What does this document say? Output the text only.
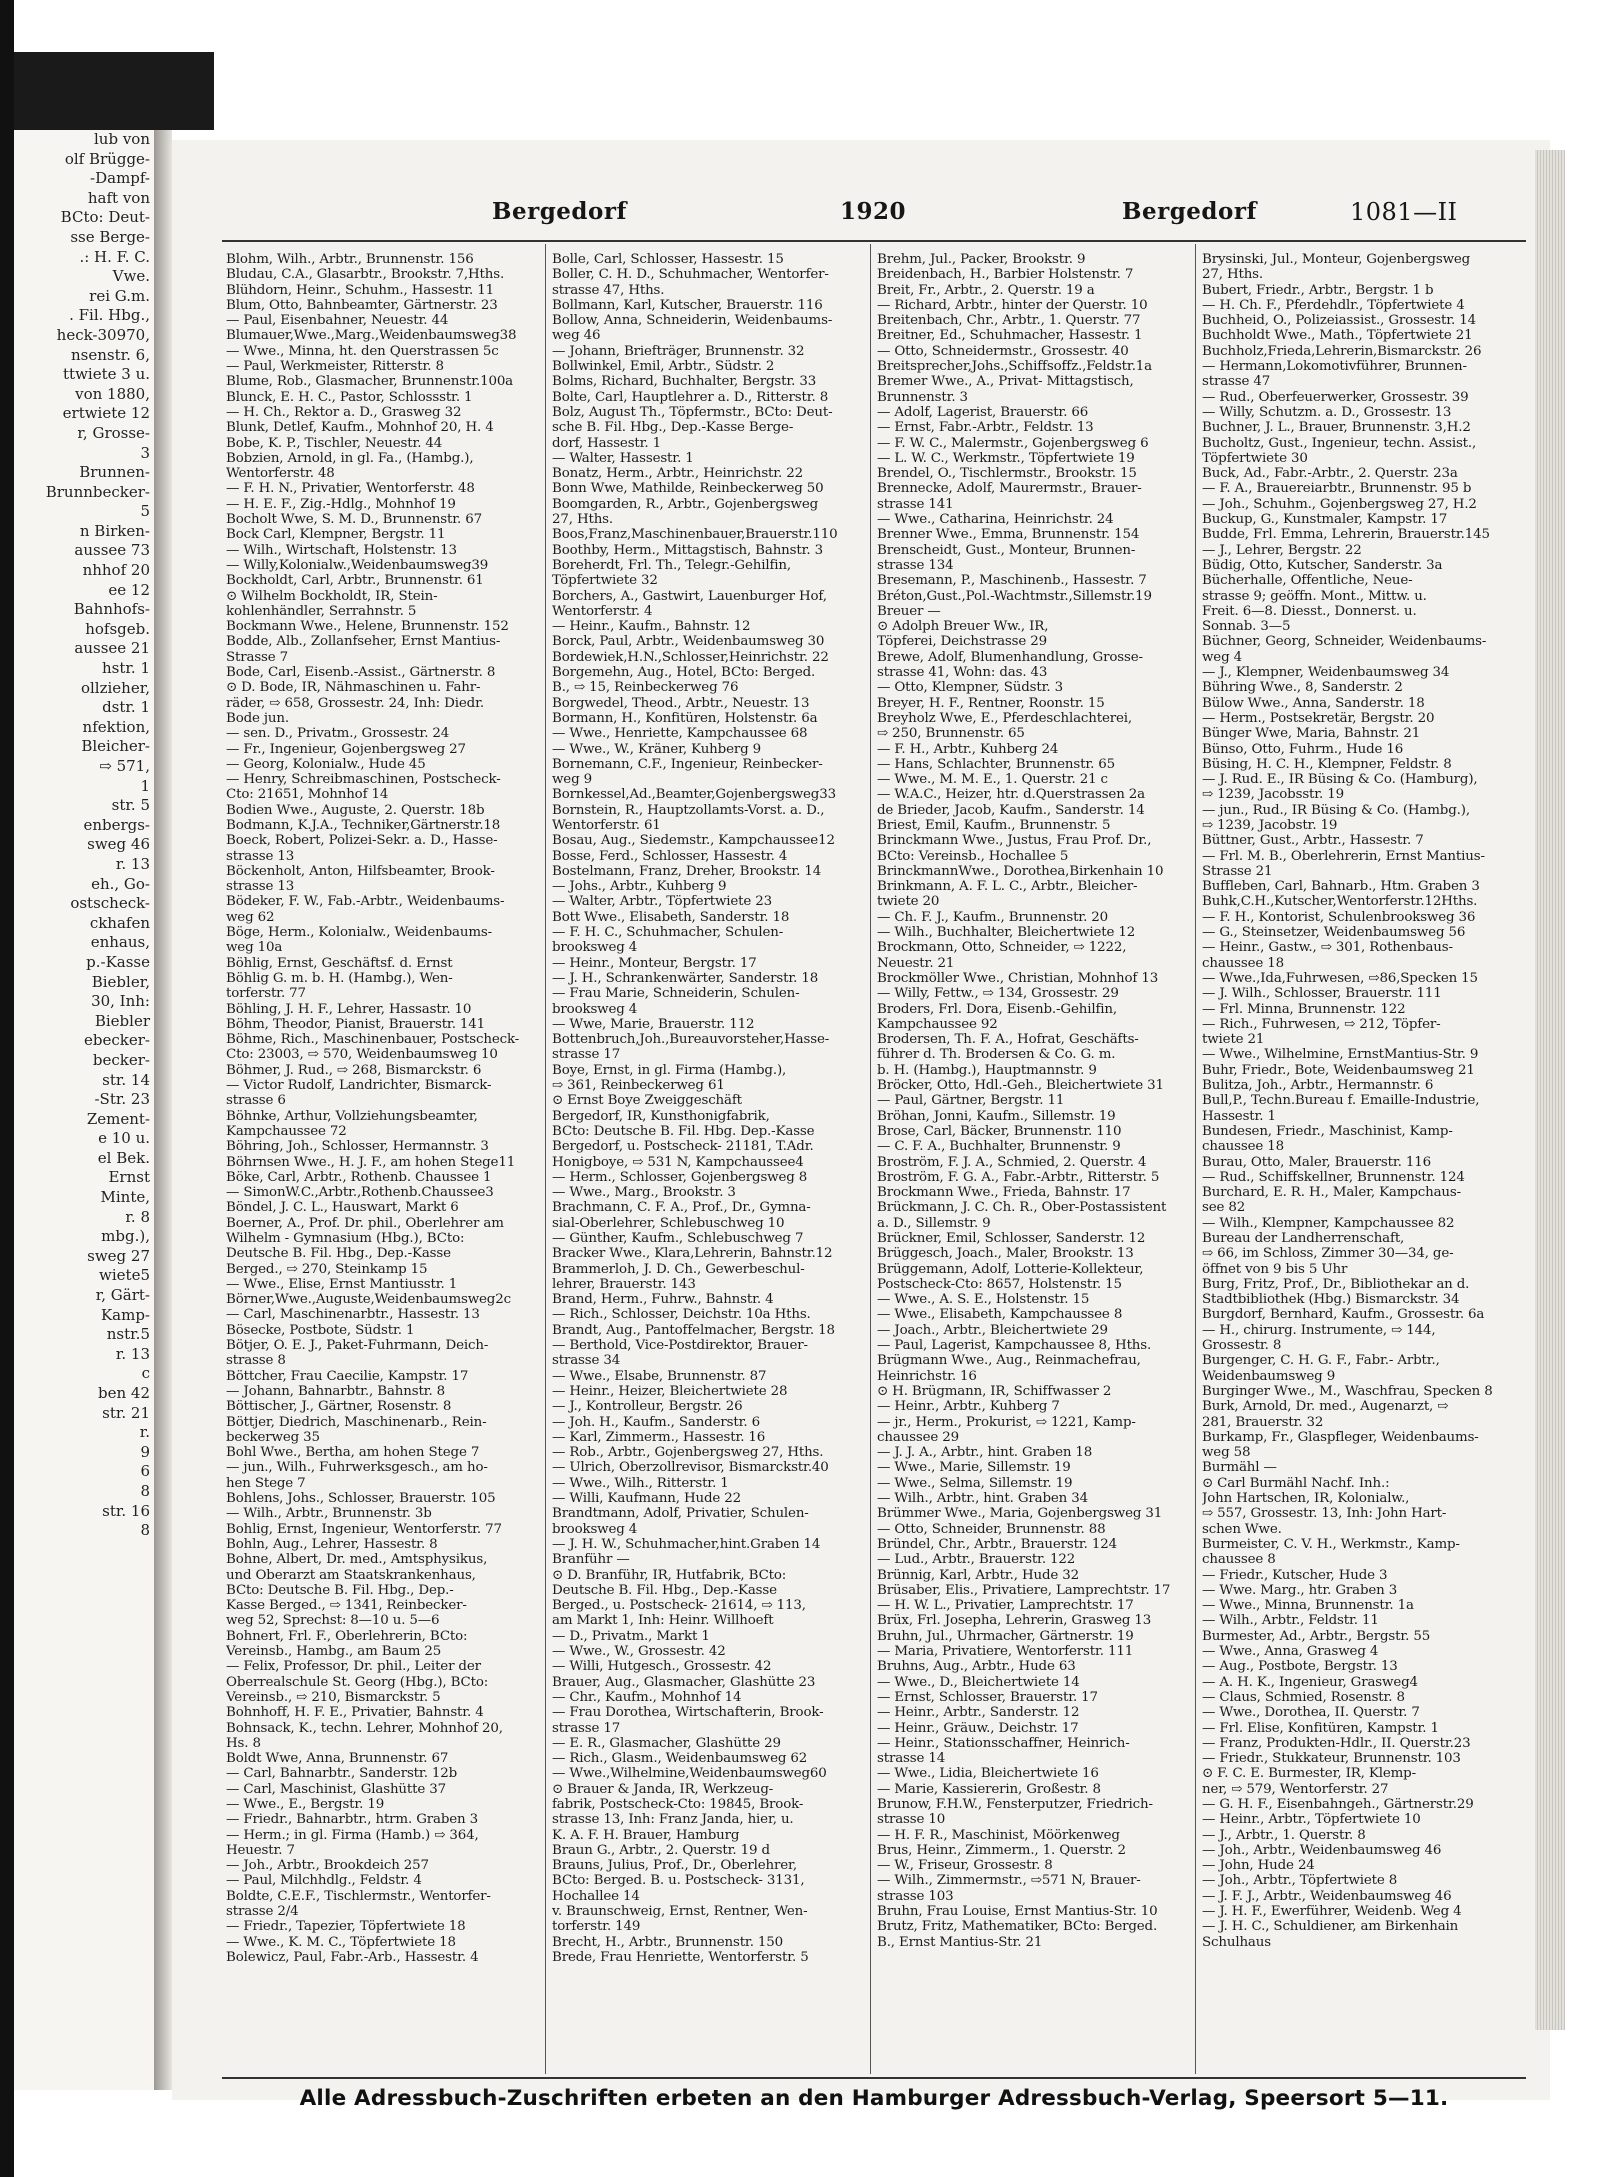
lub von
olf Brügge-
-Dampf-
haft von
BCto: Deut-
sse Berge-
.: H. F. C.
Vwe.
rei G.m.
. Fil. Hbg.,
heck-30970,
nsenstr. 6,
ttwiete 3 u.
von 1880,
ertwiete 12
r, Grosse-
3
Brunnen-
Brunnbecker-
5
n Birken-
aussee 73
nhhof 20
ee 12
Bahnhofs-
hofsgeb.
aussee 21
hstr. 1
ollzieher,
dstr. 1
nfektion,
Bleicher-
⇨ 571,
1
str. 5
enbergs-
sweg 46
r. 13
eh., Go-
ostscheck-
ckhafen
enhaus,
p.-Kasse
Biebler,
30, Inh:
Biebler
ebecker-
becker-
str. 14
-Str. 23
Zement-
e 10 u.
el Bek.
Ernst
Minte,
r. 8
mbg.),
sweg 27
wiete5
r, Gärt-
Kamp-
nstr.5
r. 13
c
ben 42
str. 21
r.
9
6
8
str. 16
8
Bergedorf	1920	Bergedorf	1081—II
Blohm, Wilh., Arbtr., Brunnenstr. 156
Bludau, C.A., Glasarbtr., Brookstr. 7,Hths.
Blühdorn, Heinr., Schuhm., Hassestr. 11
Blum, Otto, Bahnbeamter, Gärtnerstr. 23
— Paul, Eisenbahner, Neuestr. 44
Blumauer,Wwe.,Marg.,Weidenbaumsweg38
— Wwe., Minna, ht. den Querstrassen 5c
— Paul, Werkmeister, Ritterstr. 8
Blume, Rob., Glasmacher, Brunnenstr.100a
Blunck, E. H. C., Pastor, Schlossstr. 1
— H. Ch., Rektor a. D., Grasweg 32
Blunk, Detlef, Kaufm., Mohnhof 20, H. 4
Bobe, K. P., Tischler, Neuestr. 44
Bobzien, Arnold, in gl. Fa., (Hambg.),
Wentorferstr. 48
— F. H. N., Privatier, Wentorferstr. 48
— H. E. F., Zig.-Hdlg., Mohnhof 19
Bocholt Wwe, S. M. D., Brunnenstr. 67
Bock Carl, Klempner, Bergstr. 11
— Wilh., Wirtschaft, Holstenstr. 13
— Willy,Kolonialw.,Weidenbaumsweg39
Bockholdt, Carl, Arbtr., Brunnenstr. 61
⊙ Wilhelm Bockholdt, IR, Stein-
kohlenhändler, Serrahnstr. 5
Bockmann Wwe., Helene, Brunnenstr. 152
Bodde, Alb., Zollanfseher, Ernst Mantius-
Strasse 7
Bode, Carl, Eisenb.-Assist., Gärtnerstr. 8
⊙ D. Bode, IR, Nähmaschinen u. Fahr-
räder, ⇨ 658, Grossestr. 24, Inh: Diedr.
Bode jun.
— sen. D., Privatm., Grossestr. 24
— Fr., Ingenieur, Gojenbergsweg 27
— Georg, Kolonialw., Hude 45
— Henry, Schreibmaschinen, Postscheck-
Cto: 21651, Mohnhof 14
Bodien Wwe., Auguste, 2. Querstr. 18b
Bodmann, K.J.A., Techniker,Gärtnerstr.18
Boeck, Robert, Polizei-Sekr. a. D., Hasse-
strasse 13
Böckenholt, Anton, Hilfsbeamter, Brook-
strasse 13
Bödeker, F. W., Fab.-Arbtr., Weidenbaums-
weg 62
Böge, Herm., Kolonialw., Weidenbaums-
weg 10a
Böhlig, Ernst, Geschäftsf. d. Ernst
Böhlig G. m. b. H. (Hambg.), Wen-
torferstr. 77
Böhling, J. H. F., Lehrer, Hassastr. 10
Böhm, Theodor, Pianist, Brauerstr. 141
Böhme, Rich., Maschinenbauer, Postscheck-
Cto: 23003, ⇨ 570, Weidenbaumsweg 10
Böhmer, J. Rud., ⇨ 268, Bismarckstr. 6
— Victor Rudolf, Landrichter, Bismarck-
strasse 6
Böhnke, Arthur, Vollziehungsbeamter,
Kampchaussee 72
Böhring, Joh., Schlosser, Hermannstr. 3
Böhrnsen Wwe., H. J. F., am hohen Stege11
Böke, Carl, Arbtr., Rothenb. Chaussee 1
— SimonW.C.,Arbtr.,Rothenb.Chaussee3
Böndel, J. C. L., Hauswart, Markt 6
Boerner, A., Prof. Dr. phil., Oberlehrer am
Wilhelm - Gymnasium (Hbg.), BCto:
Deutsche B. Fil. Hbg., Dep.-Kasse
Berged., ⇨ 270, Steinkamp 15
— Wwe., Elise, Ernst Mantiusstr. 1
Börner,Wwe.,Auguste,Weidenbaumsweg2c
— Carl, Maschinenarbtr., Hassestr. 13
Bösecke, Postbote, Südstr. 1
Bötjer, O. E. J., Paket-Fuhrmann, Deich-
strasse 8
Böttcher, Frau Caecilie, Kampstr. 17
— Johann, Bahnarbtr., Bahnstr. 8
Böttischer, J., Gärtner, Rosenstr. 8
Böttjer, Diedrich, Maschinenarb., Rein-
beckerweg 35
Bohl Wwe., Bertha, am hohen Stege 7
— jun., Wilh., Fuhrwerksgesch., am ho-
hen Stege 7
Bohlens, Johs., Schlosser, Brauerstr. 105
— Wilh., Arbtr., Brunnenstr. 3b
Bohlig, Ernst, Ingenieur, Wentorferstr. 77
Bohln, Aug., Lehrer, Hassestr. 8
Bohne, Albert, Dr. med., Amtsphysikus,
und Oberarzt am Staatskrankenhaus,
BCto: Deutsche B. Fil. Hbg., Dep.-
Kasse Berged., ⇨ 1341, Reinbecker-
weg 52, Sprechst: 8—10 u. 5—6
Bohnert, Frl. F., Oberlehrerin, BCto:
Vereinsb., Hambg., am Baum 25
— Felix, Professor, Dr. phil., Leiter der
Oberrealschule St. Georg (Hbg.), BCto:
Vereinsb., ⇨ 210, Bismarckstr. 5
Bohnhoff, H. F. E., Privatier, Bahnstr. 4
Bohnsack, K., techn. Lehrer, Mohnhof 20,
Hs. 8
Boldt Wwe, Anna, Brunnenstr. 67
— Carl, Bahnarbtr., Sanderstr. 12b
— Carl, Maschinist, Glashütte 37
— Wwe., E., Bergstr. 19
— Friedr., Bahnarbtr., htrm. Graben 3
— Herm.; in gl. Firma (Hamb.) ⇨ 364,
Heuestr. 7
— Joh., Arbtr., Brookdeich 257
— Paul, Milchhdlg., Feldstr. 4
Boldte, C.E.F., Tischlermstr., Wentorfer-
strasse 2/4
— Friedr., Tapezier, Töpfertwiete 18
— Wwe., K. M. C., Töpfertwiete 18
Bolewicz, Paul, Fabr.-Arb., Hassestr. 4
Bolle, Carl, Schlosser, Hassestr. 15
Boller, C. H. D., Schuhmacher, Wentorfer-
strasse 47, Hths.
Bollmann, Karl, Kutscher, Brauerstr. 116
Bollow, Anna, Schneiderin, Weidenbaums-
weg 46
— Johann, Briefträger, Brunnenstr. 32
Bollwinkel, Emil, Arbtr., Südstr. 2
Bolms, Richard, Buchhalter, Bergstr. 33
Bolte, Carl, Hauptlehrer a. D., Ritterstr. 8
Bolz, August Th., Töpfermstr., BCto: Deut-
sche B. Fil. Hbg., Dep.-Kasse Berge-
dorf, Hassestr. 1
— Walter, Hassestr. 1
Bonatz, Herm., Arbtr., Heinrichstr. 22
Bonn Wwe, Mathilde, Reinbeckerweg 50
Boomgarden, R., Arbtr., Gojenbergsweg
27, Hths.
Boos,Franz,Maschinenbauer,Brauerstr.110
Boothby, Herm., Mittagstisch, Bahnstr. 3
Boreherdt, Frl. Th., Telegr.-Gehilfin,
Töpfertwiete 32
Borchers, A., Gastwirt, Lauenburger Hof,
Wentorferstr. 4
— Heinr., Kaufm., Bahnstr. 12
Borck, Paul, Arbtr., Weidenbaumsweg 30
Bordewiek,H.N.,Schlosser,Heinrichstr. 22
Borgemehn, Aug., Hotel, BCto: Berged.
B., ⇨ 15, Reinbeckerweg 76
Borgwedel, Theod., Arbtr., Neuestr. 13
Bormann, H., Konfitüren, Holstenstr. 6a
— Wwe., Henriette, Kampchaussee 68
— Wwe., W., Kräner, Kuhberg 9
Bornemann, C.F., Ingenieur, Reinbecker-
weg 9
Bornkessel,Ad.,Beamter,Gojenbergsweg33
Bornstein, R., Hauptzollamts-Vorst. a. D.,
Wentorferstr. 61
Bosau, Aug., Siedemstr., Kampchaussee12
Bosse, Ferd., Schlosser, Hassestr. 4
Bostelmann, Franz, Dreher, Brookstr. 14
— Johs., Arbtr., Kuhberg 9
— Walter, Arbtr., Töpfertwiete 23
Bott Wwe., Elisabeth, Sanderstr. 18
— F. H. C., Schuhmacher, Schulen-
brooksweg 4
— Heinr., Monteur, Bergstr. 17
— J. H., Schrankenwärter, Sanderstr. 18
— Frau Marie, Schneiderin, Schulen-
brooksweg 4
— Wwe, Marie, Brauerstr. 112
Bottenbruch,Joh.,Bureauvorsteher,Hasse-
strasse 17
Boye, Ernst, in gl. Firma (Hambg.),
⇨ 361, Reinbeckerweg 61
⊙ Ernst Boye Zweiggeschäft
Bergedorf, IR, Kunsthonigfabrik,
BCto: Deutsche B. Fil. Hbg. Dep.-Kasse
Bergedorf, u. Postscheck- 21181, T.Adr.
Honigboye, ⇨ 531 N, Kampchaussee4
— Herm., Schlosser, Gojenbergsweg 8
— Wwe., Marg., Brookstr. 3
Brachmann, C. F. A., Prof., Dr., Gymna-
sial-Oberlehrer, Schlebuschweg 10
— Günther, Kaufm., Schlebuschweg 7
Bracker Wwe., Klara,Lehrerin, Bahnstr.12
Brammerloh, J. D. Ch., Gewerbeschul-
lehrer, Brauerstr. 143
Brand, Herm., Fuhrw., Bahnstr. 4
— Rich., Schlosser, Deichstr. 10a Hths.
Brandt, Aug., Pantoffelmacher, Bergstr. 18
— Berthold, Vice-Postdirektor, Brauer-
strasse 34
— Wwe., Elsabe, Brunnenstr. 87
— Heinr., Heizer, Bleichertwiete 28
— J., Kontrolleur, Bergstr. 26
— Joh. H., Kaufm., Sanderstr. 6
— Karl, Zimmerm., Hassestr. 16
— Rob., Arbtr., Gojenbergsweg 27, Hths.
— Ulrich, Oberzollrevisor, Bismarckstr.40
— Wwe., Wilh., Ritterstr. 1
— Willi, Kaufmann, Hude 22
Brandtmann, Adolf, Privatier, Schulen-
brooksweg 4
— J. H. W., Schuhmacher,hint.Graben 14
Branführ —
⊙ D. Branführ, IR, Hutfabrik, BCto:
Deutsche B. Fil. Hbg., Dep.-Kasse
Berged., u. Postscheck- 21614, ⇨ 113,
am Markt 1, Inh: Heinr. Willhoeft
— D., Privatm., Markt 1
— Wwe., W., Grossestr. 42
— Willi, Hutgesch., Grossestr. 42
Brauer, Aug., Glasmacher, Glashütte 23
— Chr., Kaufm., Mohnhof 14
— Frau Dorothea, Wirtschafterin, Brook-
strasse 17
— E. R., Glasmacher, Glashütte 29
— Rich., Glasm., Weidenbaumsweg 62
— Wwe.,Wilhelmine,Weidenbaumsweg60
⊙ Brauer & Janda, IR, Werkzeug-
fabrik, Postscheck-Cto: 19845, Brook-
strasse 13, Inh: Franz Janda, hier, u.
K. A. F. H. Brauer, Hamburg
Braun G., Arbtr., 2. Querstr. 19 d
Brauns, Julius, Prof., Dr., Oberlehrer,
BCto: Berged. B. u. Postscheck- 3131,
Hochallee 14
v. Braunschweig, Ernst, Rentner, Wen-
torferstr. 149
Brecht, H., Arbtr., Brunnenstr. 150
Brede, Frau Henriette, Wentorferstr. 5
Brehm, Jul., Packer, Brookstr. 9
Breidenbach, H., Barbier Holstenstr. 7
Breit, Fr., Arbtr., 2. Querstr. 19 a
— Richard, Arbtr., hinter der Querstr. 10
Breitenbach, Chr., Arbtr., 1. Querstr. 77
Breitner, Ed., Schuhmacher, Hassestr. 1
— Otto, Schneidermstr., Grossestr. 40
Breitsprecher,Johs.,Schiffsoffz.,Feldstr.1a
Bremer Wwe., A., Privat- Mittagstisch,
Brunnenstr. 3
— Adolf, Lagerist, Brauerstr. 66
— Ernst, Fabr.-Arbtr., Feldstr. 13
— F. W. C., Malermstr., Gojenbergsweg 6
— L. W. C., Werkmstr., Töpfertwiete 19
Brendel, O., Tischlermstr., Brookstr. 15
Brennecke, Adolf, Maurermstr., Brauer-
strasse 141
— Wwe., Catharina, Heinrichstr. 24
Brenner Wwe., Emma, Brunnenstr. 154
Brenscheidt, Gust., Monteur, Brunnen-
strasse 134
Bresemann, P., Maschinenb., Hassestr. 7
Bréton,Gust.,Pol.-Wachtmstr.,Sillemstr.19
Breuer —
⊙ Adolph Breuer Ww., IR,
Töpferei, Deichstrasse 29
Brewe, Adolf, Blumenhandlung, Grosse-
strasse 41, Wohn: das. 43
— Otto, Klempner, Südstr. 3
Breyer, H. F., Rentner, Roonstr. 15
Breyholz Wwe, E., Pferdeschlachterei,
⇨ 250, Brunnenstr. 65
— F. H., Arbtr., Kuhberg 24
— Hans, Schlachter, Brunnenstr. 65
— Wwe., M. M. E., 1. Querstr. 21 c
— W.A.C., Heizer, htr. d.Querstrassen 2a
de Brieder, Jacob, Kaufm., Sanderstr. 14
Briest, Emil, Kaufm., Brunnenstr. 5
Brinckmann Wwe., Justus, Frau Prof. Dr.,
BCto: Vereinsb., Hochallee 5
BrinckmannWwe., Dorothea,Birkenhain 10
Brinkmann, A. F. L. C., Arbtr., Bleicher-
twiete 20
— Ch. F. J., Kaufm., Brunnenstr. 20
— Wilh., Buchhalter, Bleichertwiete 12
Brockmann, Otto, Schneider, ⇨ 1222,
Neuestr. 21
Brockmöller Wwe., Christian, Mohnhof 13
— Willy, Fettw., ⇨ 134, Grossestr. 29
Broders, Frl. Dora, Eisenb.-Gehilfin,
Kampchaussee 92
Brodersen, Th. F. A., Hofrat, Geschäfts-
führer d. Th. Brodersen & Co. G. m.
b. H. (Hambg.), Hauptmannstr. 9
Bröcker, Otto, Hdl.-Geh., Bleichertwiete 31
— Paul, Gärtner, Bergstr. 11
Bröhan, Jonni, Kaufm., Sillemstr. 19
Brose, Carl, Bäcker, Brunnenstr. 110
— C. F. A., Buchhalter, Brunnenstr. 9
Broström, F. J. A., Schmied, 2. Querstr. 4
Broström, F. G. A., Fabr.-Arbtr., Ritterstr. 5
Brockmann Wwe., Frieda, Bahnstr. 17
Brückmann, J. C. Ch. R., Ober-Postassistent
a. D., Sillemstr. 9
Brückner, Emil, Schlosser, Sanderstr. 12
Brüggesch, Joach., Maler, Brookstr. 13
Brüggemann, Adolf, Lotterie-Kollekteur,
Postscheck-Cto: 8657, Holstenstr. 15
— Wwe., A. S. E., Holstenstr. 15
— Wwe., Elisabeth, Kampchaussee 8
— Joach., Arbtr., Bleichertwiete 29
— Paul, Lagerist, Kampchaussee 8, Hths.
Brügmann Wwe., Aug., Reinmachefrau,
Heinrichstr. 16
⊙ H. Brügmann, IR, Schiffwasser 2
— Heinr., Arbtr., Kuhberg 7
— jr., Herm., Prokurist, ⇨ 1221, Kamp-
chaussee 29
— J. J. A., Arbtr., hint. Graben 18
— Wwe., Marie, Sillemstr. 19
— Wwe., Selma, Sillemstr. 19
— Wilh., Arbtr., hint. Graben 34
Brümmer Wwe., Maria, Gojenbergsweg 31
— Otto, Schneider, Brunnenstr. 88
Bründel, Chr., Arbtr., Brauerstr. 124
— Lud., Arbtr., Brauerstr. 122
Brünnig, Karl, Arbtr., Hude 32
Brüsaber, Elis., Privatiere, Lamprechtstr. 17
— H. W. L., Privatier, Lamprechtstr. 17
Brüx, Frl. Josepha, Lehrerin, Grasweg 13
Bruhn, Jul., Uhrmacher, Gärtnerstr. 19
— Maria, Privatiere, Wentorferstr. 111
Bruhns, Aug., Arbtr., Hude 63
— Wwe., D., Bleichertwiete 14
— Ernst, Schlosser, Brauerstr. 17
— Heinr., Arbtr., Sanderstr. 12
— Heinr., Gräuw., Deichstr. 17
— Heinr., Stationsschaffner, Heinrich-
strasse 14
— Wwe., Lidia, Bleichertwiete 16
— Marie, Kassiererin, Großestr. 8
Brunow, F.H.W., Fensterputzer, Friedrich-
strasse 10
— H. F. R., Maschinist, Möörkenweg
Brus, Heinr., Zimmerm., 1. Querstr. 2
— W., Friseur, Grossestr. 8
— Wilh., Zimmermstr., ⇨571 N, Brauer-
strasse 103
Bruhn, Frau Louise, Ernst Mantius-Str. 10
Brutz, Fritz, Mathematiker, BCto: Berged.
B., Ernst Mantius-Str. 21
Brysinski, Jul., Monteur, Gojenbergsweg
27, Hths.
Bubert, Friedr., Arbtr., Bergstr. 1 b
— H. Ch. F., Pferdehdlr., Töpfertwiete 4
Buchheid, O., Polizeiassist., Grossestr. 14
Buchholdt Wwe., Math., Töpfertwiete 21
Buchholz,Frieda,Lehrerin,Bismarckstr. 26
— Hermann,Lokomotivführer, Brunnen-
strasse 47
— Rud., Oberfeuerwerker, Grossestr. 39
— Willy, Schutzm. a. D., Grossestr. 13
Buchner, J. L., Brauer, Brunnenstr. 3,H.2
Bucholtz, Gust., Ingenieur, techn. Assist.,
Töpfertwiete 30
Buck, Ad., Fabr.-Arbtr., 2. Querstr. 23a
— F. A., Brauereiarbtr., Brunnenstr. 95 b
— Joh., Schuhm., Gojenbergsweg 27, H.2
Buckup, G., Kunstmaler, Kampstr. 17
Budde, Frl. Emma, Lehrerin, Brauerstr.145
— J., Lehrer, Bergstr. 22
Büdig, Otto, Kutscher, Sanderstr. 3a
Bücherhalle, Öffentliche, Neue-
strasse 9; geöffn. Mont., Mittw. u.
Freit. 6—8. Diesst., Donnerst. u.
Sonnab. 3—5
Büchner, Georg, Schneider, Weidenbaums-
weg 4
— J., Klempner, Weidenbaumsweg 34
Bühring Wwe., 8, Sanderstr. 2
Bülow Wwe., Anna, Sanderstr. 18
— Herm., Postsekretär, Bergstr. 20
Bünger Wwe, Maria, Bahnstr. 21
Bünso, Otto, Fuhrm., Hude 16
Büsing, H. C. H., Klempner, Feldstr. 8
— J. Rud. E., IR Büsing & Co. (Hamburg),
⇨ 1239, Jacobsstr. 19
— jun., Rud., IR Büsing & Co. (Hambg.),
⇨ 1239, Jacobstr. 19
Büttner, Gust., Arbtr., Hassestr. 7
— Frl. M. B., Oberlehrerin, Ernst Mantius-
Strasse 21
Buffleben, Carl, Bahnarb., Htm. Graben 3
Buhk,C.H.,Kutscher,Wentorferstr.12Hths.
— F. H., Kontorist, Schulenbrooksweg 36
— G., Steinsetzer, Weidenbaumsweg 56
— Heinr., Gastw., ⇨ 301, Rothenbaus-
chaussee 18
— Wwe.,Ida,Fuhrwesen, ⇨86,Specken 15
— J. Wilh., Schlosser, Brauerstr. 111
— Frl. Minna, Brunnenstr. 122
— Rich., Fuhrwesen, ⇨ 212, Töpfer-
twiete 21
— Wwe., Wilhelmine, ErnstMantius-Str. 9
Buhr, Friedr., Bote, Weidenbaumsweg 21
Bulitza, Joh., Arbtr., Hermannstr. 6
Bull,P., Techn.Bureau f. Emaille-Industrie,
Hassestr. 1
Bundesen, Friedr., Maschinist, Kamp-
chaussee 18
Burau, Otto, Maler, Brauerstr. 116
— Rud., Schiffskellner, Brunnenstr. 124
Burchard, E. R. H., Maler, Kampchaus-
see 82
— Wilh., Klempner, Kampchaussee 82
Bureau der Landherrenschaft,
⇨ 66, im Schloss, Zimmer 30—34, ge-
öffnet von 9 bis 5 Uhr
Burg, Fritz, Prof., Dr., Bibliothekar an d.
Stadtbibliothek (Hbg.) Bismarckstr. 34
Burgdorf, Bernhard, Kaufm., Grossestr. 6a
— H., chirurg. Instrumente, ⇨ 144,
Grossestr. 8
Burgenger, C. H. G. F., Fabr.- Arbtr.,
Weidenbaumsweg 9
Burginger Wwe., M., Waschfrau, Specken 8
Burk, Arnold, Dr. med., Augenarzt, ⇨
281, Brauerstr. 32
Burkamp, Fr., Glaspfleger, Weidenbaums-
weg 58
Burmähl —
⊙ Carl Burmähl Nachf. Inh.:
John Hartschen, IR, Kolonialw.,
⇨ 557, Grossestr. 13, Inh: John Hart-
schen Wwe.
Burmeister, C. V. H., Werkmstr., Kamp-
chaussee 8
— Friedr., Kutscher, Hude 3
— Wwe. Marg., htr. Graben 3
— Wwe., Minna, Brunnenstr. 1a
— Wilh., Arbtr., Feldstr. 11
Burmester, Ad., Arbtr., Bergstr. 55
— Wwe., Anna, Grasweg 4
— Aug., Postbote, Bergstr. 13
— A. H. K., Ingenieur, Grasweg4
— Claus, Schmied, Rosenstr. 8
— Wwe., Dorothea, II. Querstr. 7
— Frl. Elise, Konfitüren, Kampstr. 1
— Franz, Produkten-Hdlr., II. Querstr.23
— Friedr., Stukkateur, Brunnenstr. 103
⊙ F. C. E. Burmester, IR, Klemp-
ner, ⇨ 579, Wentorferstr. 27
— G. H. F., Eisenbahngeh., Gärtnerstr.29
— Heinr., Arbtr., Töpfertwiete 10
— J., Arbtr., 1. Querstr. 8
— Joh., Arbtr., Weidenbaumsweg 46
— John, Hude 24
— Joh., Arbtr., Töpfertwiete 8
— J. F. J., Arbtr., Weidenbaumsweg 46
— J. H. F., Ewerführer, Weidenb. Weg 4
— J. H. C., Schuldiener, am Birkenhain
Schulhaus
Alle Adressbuch-Zuschriften erbeten an den Hamburger Adressbuch-Verlag, Speersort 5—11.
